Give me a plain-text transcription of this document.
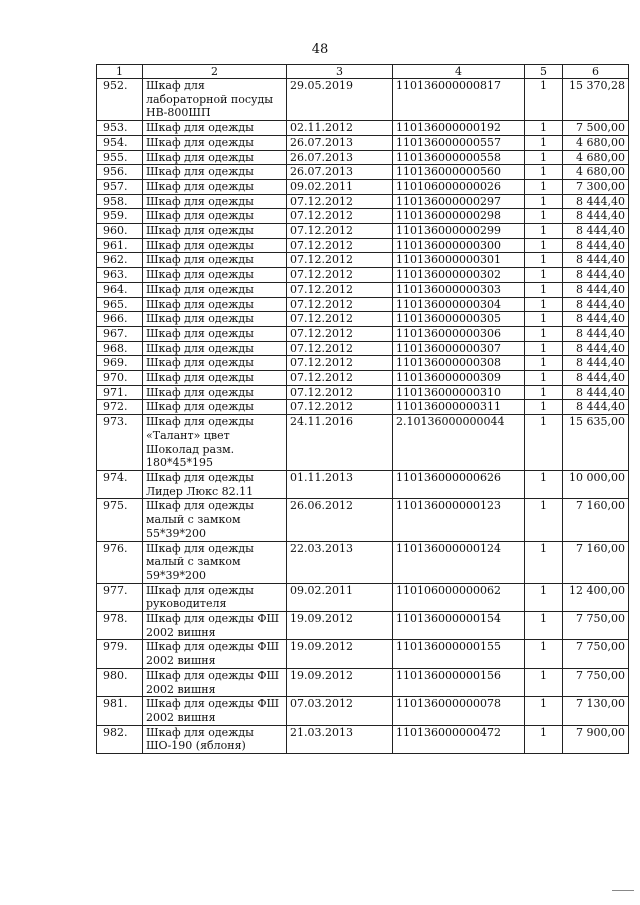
48
1	2	3	4	5	6
952.	Шкаф для лабораторной посуды НВ-800ШП	29.05.2019	110136000000817	1	15 370,28
953.	Шкаф для одежды	02.11.2012	110136000000192	1	7 500,00
954.	Шкаф для одежды	26.07.2013	110136000000557	1	4 680,00
955.	Шкаф для одежды	26.07.2013	110136000000558	1	4 680,00
956.	Шкаф для одежды	26.07.2013	110136000000560	1	4 680,00
957.	Шкаф для одежды	09.02.2011	110106000000026	1	7 300,00
958.	Шкаф для одежды	07.12.2012	110136000000297	1	8 444,40
959.	Шкаф для одежды	07.12.2012	110136000000298	1	8 444,40
960.	Шкаф для одежды	07.12.2012	110136000000299	1	8 444,40
961.	Шкаф для одежды	07.12.2012	110136000000300	1	8 444,40
962.	Шкаф для одежды	07.12.2012	110136000000301	1	8 444,40
963.	Шкаф для одежды	07.12.2012	110136000000302	1	8 444,40
964.	Шкаф для одежды	07.12.2012	110136000000303	1	8 444,40
965.	Шкаф для одежды	07.12.2012	110136000000304	1	8 444,40
966.	Шкаф для одежды	07.12.2012	110136000000305	1	8 444,40
967.	Шкаф для одежды	07.12.2012	110136000000306	1	8 444,40
968.	Шкаф для одежды	07.12.2012	110136000000307	1	8 444,40
969.	Шкаф для одежды	07.12.2012	110136000000308	1	8 444,40
970.	Шкаф для одежды	07.12.2012	110136000000309	1	8 444,40
971.	Шкаф для одежды	07.12.2012	110136000000310	1	8 444,40
972.	Шкаф для одежды	07.12.2012	110136000000311	1	8 444,40
973.	Шкаф для одежды «Талант» цвет Шоколад разм. 180*45*195	24.11.2016	2.10136000000044	1	15 635,00
974.	Шкаф для одежды Лидер Люкс 82.11	01.11.2013	110136000000626	1	10 000,00
975.	Шкаф для одежды малый с замком 55*39*200	26.06.2012	110136000000123	1	7 160,00
976.	Шкаф для одежды малый с замком 59*39*200	22.03.2013	110136000000124	1	7 160,00
977.	Шкаф для одежды руководителя	09.02.2011	110106000000062	1	12 400,00
978.	Шкаф для одежды ФШ 2002 вишня	19.09.2012	110136000000154	1	7 750,00
979.	Шкаф для одежды ФШ 2002 вишня	19.09.2012	110136000000155	1	7 750,00
980.	Шкаф для одежды ФШ 2002 вишня	19.09.2012	110136000000156	1	7 750,00
981.	Шкаф для одежды ФШ 2002 вишня	07.03.2012	110136000000078	1	7 130,00
982.	Шкаф для одежды ШО-190 (яблоня)	21.03.2013	110136000000472	1	7 900,00
